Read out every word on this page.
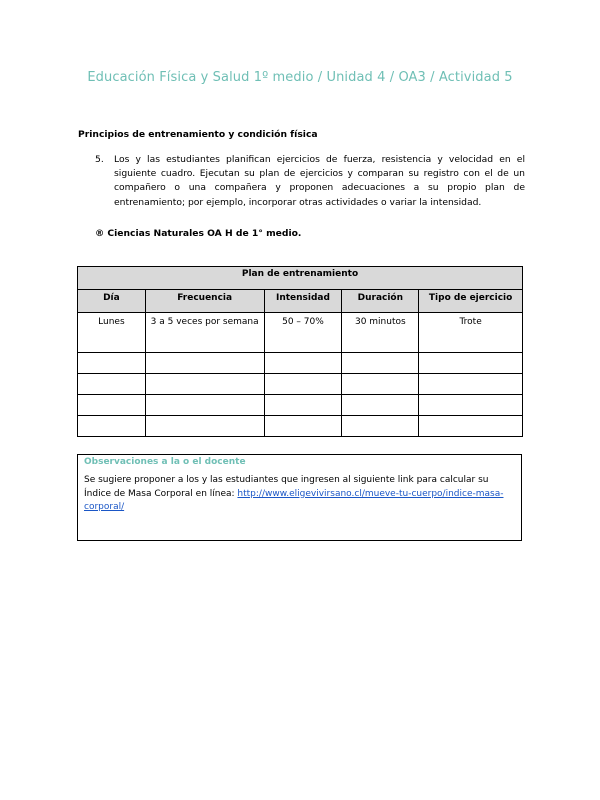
Educación Física y Salud 1º medio / Unidad 4 / OA3 / Actividad 5
Principios de entrenamiento y condición física
5. Los y las estudiantes planifican ejercicios de fuerza, resistencia y velocidad en el siguiente cuadro. Ejecutan su plan de ejercicios y comparan su registro con el de un compañero o una compañera y proponen adecuaciones a su propio plan de entrenamiento; por ejemplo, incorporar otras actividades o variar la intensidad.
® Ciencias Naturales OA H de 1° medio.
Plan de entrenamiento				
Día	Frecuencia	Intensidad	Duración	Tipo de ejercicio
Lunes	3 a 5 veces por semana	50 – 70%	30 minutos	Trote

Observaciones a la o el docente
Se sugiere proponer a los y las estudiantes que ingresen al siguiente link para calcular su Índice de Masa Corporal en línea: http://www.eligevivirsano.cl/mueve-tu-cuerpo/indice-masa-corporal/
